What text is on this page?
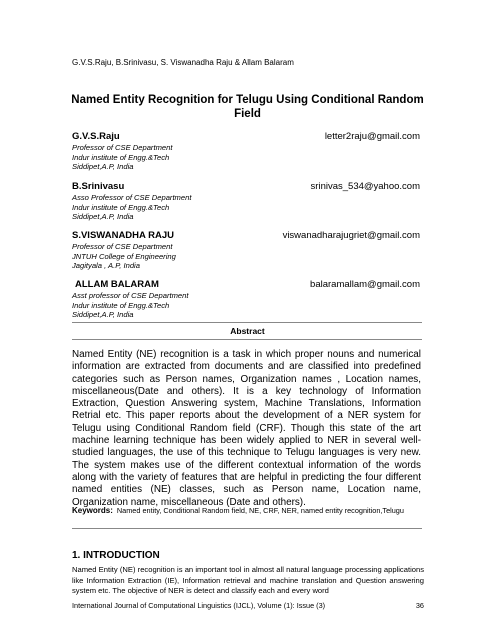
G.V.S.Raju, B.Srinivasu, S. Viswanadha Raju & Allam Balaram
Named Entity Recognition for Telugu Using Conditional Random
Field
G.V.S.Raju	letter2raju@gmail.com
Professor of CSE Department
Indur institute of Engg.&Tech
Siddipet,A.P, India
B.Srinivasu	srinivas_534@yahoo.com
Asso Professor of CSE Department
Indur institute of Engg.&Tech
Siddipet,A.P, India
S.VISWANADHA RAJU	viswanadharajugriet@gmail.com
Professor of CSE Department
JNTUH College of Engineering
Jagityala , A.P, India
ALLAM BALARAM	balaramallam@gmail.com
Asst professor of CSE Department
Indur institute of Engg.&Tech
Siddipet,A.P, India
Abstract
Named Entity (NE) recognition is a task in which proper nouns and numerical information are extracted from documents and are classified into predefined categories such as Person names, Organization names , Location names, miscellaneous(Date and others). It is a key technology of Information Extraction, Question Answering system, Machine Translations, Information Retrial etc. This paper reports about the development of a NER system for Telugu using Conditional Random field (CRF). Though this state of the art machine learning technique has been widely applied to NER in several well-studied languages, the use of this technique to Telugu languages is very new. The system makes use of the different contextual information of the words along with the variety of features that are helpful in predicting the four different named entities (NE) classes, such as Person name, Location name, Organization name, miscellaneous (Date and others).
Keywords: Named entity, Conditional Random field, NE, CRF, NER, named entity recognition,Telugu
1. INTRODUCTION
Named Entity (NE) recognition is an important tool in almost all natural language processing applications like Information Extraction (IE), Information retrieval and machine translation and Question answering system etc. The objective of NER is detect and classify each and every word
International Journal of Computational Linguistics (IJCL), Volume (1): Issue (3)	36
